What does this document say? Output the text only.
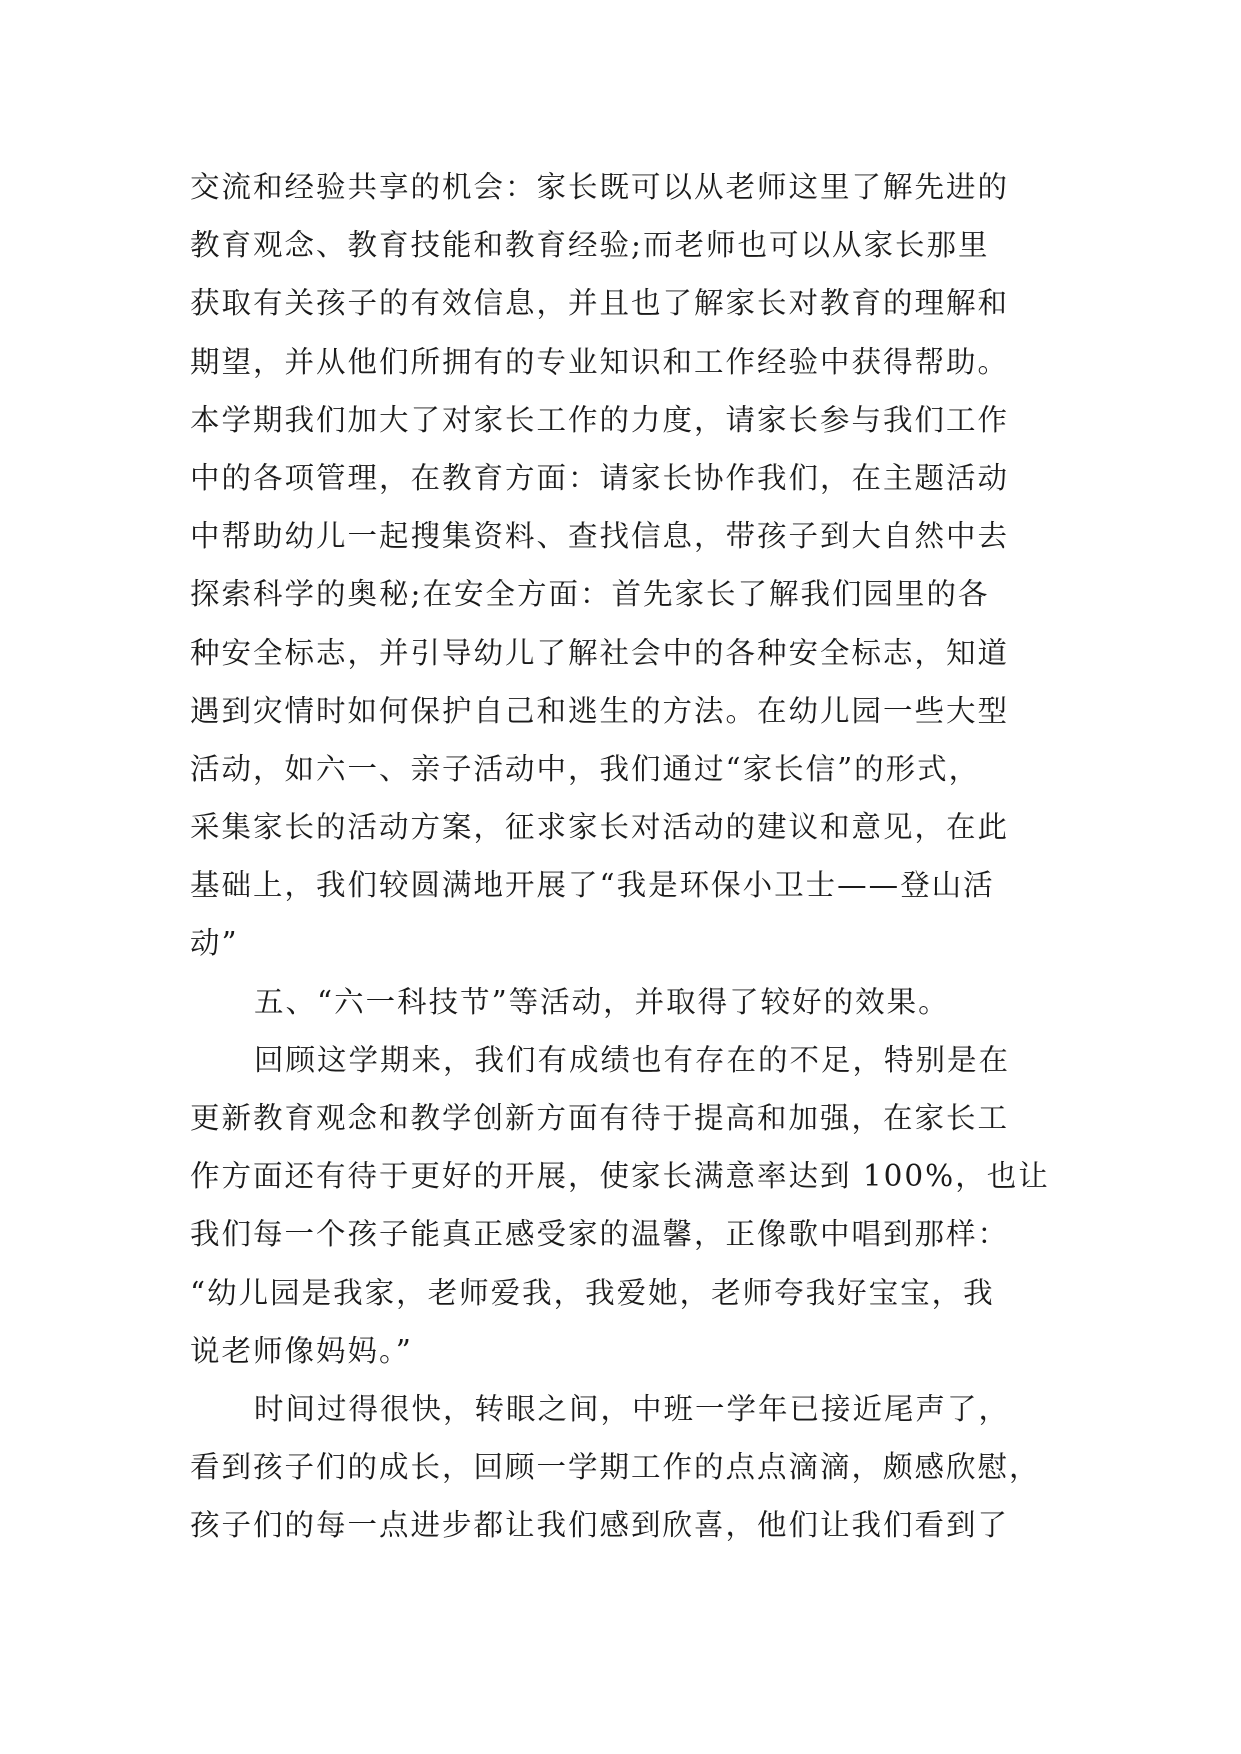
交流和经验共享的机会：家长既可以从老师这里了解先进的
教育观念、教育技能和教育经验;而老师也可以从家长那里
获取有关孩子的有效信息，并且也了解家长对教育的理解和
期望，并从他们所拥有的专业知识和工作经验中获得帮助。
本学期我们加大了对家长工作的力度，请家长参与我们工作
中的各项管理，在教育方面：请家长协作我们，在主题活动
中帮助幼儿一起搜集资料、查找信息，带孩子到大自然中去
探索科学的奥秘;在安全方面：首先家长了解我们园里的各
种安全标志，并引导幼儿了解社会中的各种安全标志，知道
遇到灾情时如何保护自己和逃生的方法。在幼儿园一些大型
活动，如六一、亲子活动中，我们通过“家长信”的形式，
采集家长的活动方案，征求家长对活动的建议和意见，在此
基础上，我们较圆满地开展了“我是环保小卫士——登山活
动”
五、“六一科技节”等活动，并取得了较好的效果。
回顾这学期来，我们有成绩也有存在的不足，特别是在
更新教育观念和教学创新方面有待于提高和加强，在家长工
作方面还有待于更好的开展，使家长满意率达到 100%，也让
我们每一个孩子能真正感受家的温馨，正像歌中唱到那样：
“幼儿园是我家，老师爱我，我爱她，老师夸我好宝宝，我
说老师像妈妈。”
时间过得很快，转眼之间，中班一学年已接近尾声了，
看到孩子们的成长，回顾一学期工作的点点滴滴，颇感欣慰，
孩子们的每一点进步都让我们感到欣喜，他们让我们看到了
